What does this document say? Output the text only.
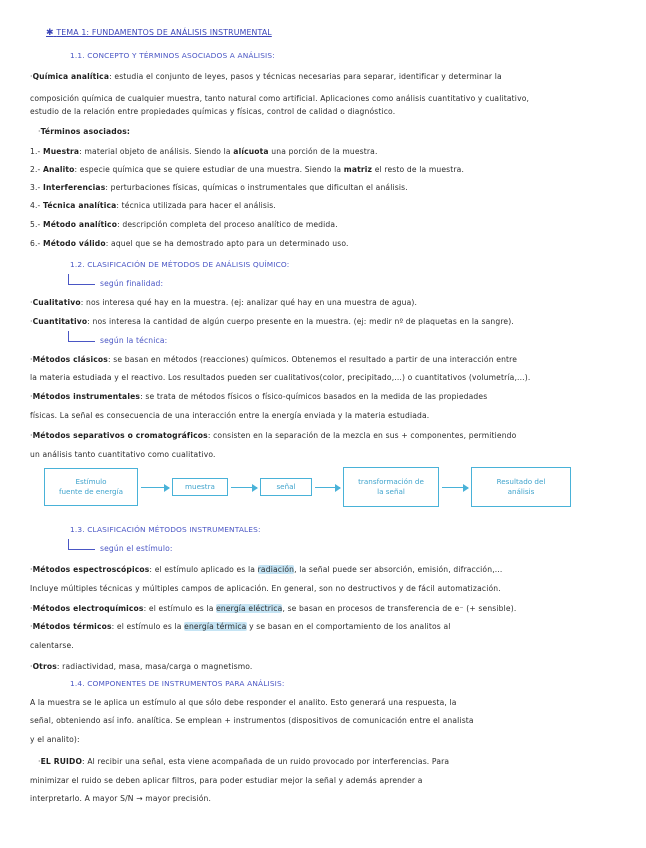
✱ TEMA 1: FUNDAMENTOS DE ANÁLISIS INSTRUMENTAL
1.1. CONCEPTO Y TÉRMINOS ASOCIADOS A ANÁLISIS:
·Química analítica: estudia el conjunto de leyes, pasos y técnicas necesarias para separar, identificar y determinar la
composición química de cualquier muestra, tanto natural como artificial. Aplicaciones como análisis cuantitativo y cualitativo,
estudio de la relación entre propiedades químicas y físicas, control de calidad o diagnóstico.
·Términos asociados:
1.- Muestra: material objeto de análisis. Siendo la alícuota una porción de la muestra.
2.- Analito: especie química que se quiere estudiar de una muestra. Siendo la matriz el resto de la muestra.
3.- Interferencias: perturbaciones físicas, químicas o instrumentales que dificultan el análisis.
4.- Técnica analítica: técnica utilizada para hacer el análisis.
5.- Método analítico: descripción completa del proceso analítico de medida.
6.- Método válido: aquel que se ha demostrado apto para un determinado uso.
1.2. CLASIFICACIÓN DE MÉTODOS DE ANÁLISIS QUÍMICO:
según finalidad:
·Cualitativo: nos interesa qué hay en la muestra. (ej: analizar qué hay en una muestra de agua).
·Cuantitativo: nos interesa la cantidad de algún cuerpo presente en la muestra. (ej: medir nº de plaquetas en la sangre).
según la técnica:
·Métodos clásicos: se basan en métodos (reacciones) químicos. Obtenemos el resultado a partir de una interacción entre
la materia estudiada y el reactivo. Los resultados pueden ser cualitativos(color, precipitado,...) o cuantitativos (volumetría,...).
·Métodos instrumentales: se trata de métodos físicos o físico-químicos basados en la medida de las propiedades
físicas. La señal es consecuencia de una interacción entre la energía enviada y la materia estudiada.
·Métodos separativos o cromatográficos: consisten en la separación de la mezcla en sus + componentes, permitiendo
un análisis tanto cuantitativo como cualitativo.
Estímulo
fuente de energía
muestra	señal
transformación de
la señal
Resultado del
análisis
1.3. CLASIFICACIÓN MÉTODOS INSTRUMENTALES:
según el estímulo:
·Métodos espectroscópicos: el estímulo aplicado es la radiación, la señal puede ser absorción, emisión, difracción,...
Incluye múltiples técnicas y múltiples campos de aplicación. En general, son no destructivos y de fácil automatización.
·Métodos electroquímicos: el estímulo es la energía eléctrica, se basan en procesos de transferencia de e⁻ (+ sensible).
·Métodos térmicos: el estímulo es la energía térmica y se basan en el comportamiento de los analitos al
calentarse.
·Otros: radiactividad, masa, masa/carga o magnetismo.
1.4. COMPONENTES DE INSTRUMENTOS PARA ANÁLISIS:
A la muestra se le aplica un estímulo al que sólo debe responder el analito. Esto generará una respuesta, la
señal, obteniendo así info. analítica. Se emplean + instrumentos (dispositivos de comunicación entre el analista
y el analito):
·EL RUIDO: Al recibir una señal, esta viene acompañada de un ruido provocado por interferencias. Para
minimizar el ruido se deben aplicar filtros, para poder estudiar mejor la señal y además aprender a
interpretarlo. A mayor S/N → mayor precisión.
